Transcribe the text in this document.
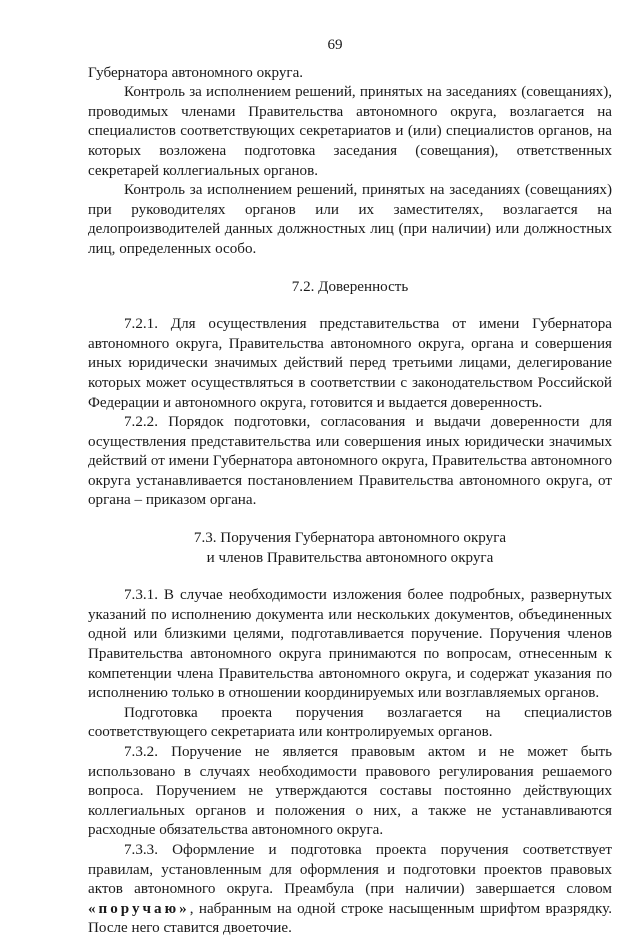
69

Губернатора автономного округа.

Контроль за исполнением решений, принятых на заседаниях (совещаниях), проводимых членами Правительства автономного округа, возлагается на специалистов соответствующих секретариатов и (или) специалистов органов, на которых возложена подготовка заседания (совещания), ответственных секретарей коллегиальных органов.

Контроль за исполнением решений, принятых на заседаниях (совещаниях) при руководителях органов или их заместителях, возлагается на делопроизводителей данных должностных лиц (при наличии) или должностных лиц, определенных особо.

7.2. Доверенность

7.2.1. Для осуществления представительства от имени Губернатора автономного округа, Правительства автономного округа, органа и совершения иных юридически значимых действий перед третьими лицами, делегирование которых может осуществляться в соответствии с законодательством Российской Федерации и автономного округа, готовится и выдается доверенность.

7.2.2. Порядок подготовки, согласования и выдачи доверенности для осуществления представительства или совершения иных юридически значимых действий от имени Губернатора автономного округа, Правительства автономного округа устанавливается постановлением Правительства автономного округа, от органа – приказом органа.

7.3. Поручения Губернатора автономного округа
и членов Правительства автономного округа

7.3.1. В случае необходимости изложения более подробных, развернутых указаний по исполнению документа или нескольких документов, объединенных одной или близкими целями, подготавливается поручение. Поручения членов Правительства автономного округа принимаются по вопросам, отнесенным к компетенции члена Правительства автономного округа, и содержат указания по исполнению только в отношении координируемых или возглавляемых органов.

Подготовка проекта поручения возлагается на специалистов соответствующего секретариата или контролируемых органов.

7.3.2. Поручение не является правовым актом и не может быть использовано в случаях необходимости правового регулирования решаемого вопроса. Поручением не утверждаются составы постоянно действующих коллегиальных органов и положения о них, а также не устанавливаются расходные обязательства автономного округа.

7.3.3. Оформление и подготовка проекта поручения соответствует правилам, установленным для оформления и подготовки проектов правовых актов автономного округа. Преамбула (при наличии) завершается словом «поручаю», набранным на одной строке насыщенным шрифтом вразрядку. После него ставится двоеточие.
